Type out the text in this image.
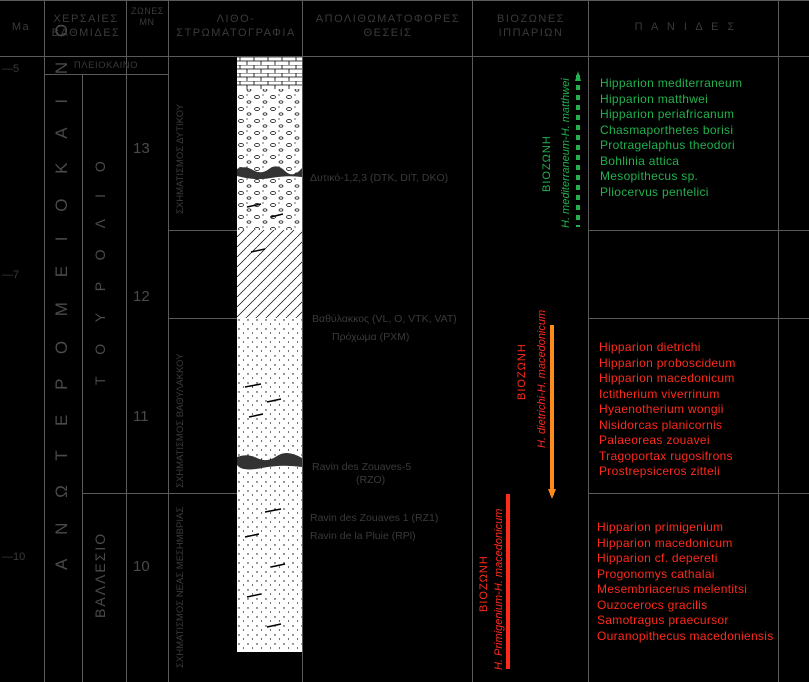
Ma
ΧΕΡΣΑΙΕΣ ΒΑΘΜΙΔΕΣ
ΖΩΝΕΣ ΜΝ	ΛΙΘΟ-ΣΤΡΩΜΑΤΟΓΡΑΦΙΑ
ΑΠΟΛΙΘΩΜΑΤΟΦΟΡΕΣ ΘΕΣΕΙΣ
ΒΙΟΖΩΝΕΣ ΙΠΠΑΡΙΩΝ	Π Α Ν Ι Δ Ε Σ
—5
—7
—10
ΠΛΕΙΟΚΑΙΝΟ
Α Ν Ω Τ Ε Ρ Ο Μ Ε Ι Ο Κ Α Ι Ν Ο Τ Ο Υ Ρ Ο Λ Ι Ο
ΒΑΛΛΕΣΙΟ
13
12
11
10
ΣΧΗΜΑΤΙΣΜΟΣ ΔΥΤΙΚΟΥ
ΣΧΗΜΑΤΙΣΜΟΣ ΒΑΘΥΛΑΚΚΟΥ
ΣΧΗΜΑΤΙΣΜΟΣ ΝΕΑΣ ΜΕΣΗΜΒΡΙΑΣ
Δυτικό-1,2,3 (DTK, DIT, DKO)
Βαθύλακκος (VL, O, VTK, VAT)
Πρόχωμα (PXM)
Ravin des Zouaves-5
(RZO)
Ravin des Zouaves 1 (RZ1)
Ravin de la Pluie (RPl)
ΒΙΟΖΩΝΗ H. mediterraneum-H. matthwei
ΒΙΟΖΩΝΗ H. dietrichi-H. macedonicum
ΒΙΟΖΩΝΗ H. Primigenium-H. macedonicum
Hipparion mediterraneum
Hipparion matthwei
Hipparion periafricanum
Chasmaporthetes borisi
Protragelaphus theodori
Bohlinia attica
Mesopithecus sp.
Pliocervus pentelici
Hipparion dietrichi
Hipparion proboscideum
Hipparion macedonicum
Ictitherium viverrinum
Hyaenotherium wongii
Nisidorcas planicornis
Palaeoreas zouavei
Tragoportax rugosifrons
Prostrepsiceros zitteli
Hipparion primigenium
Hipparion macedonicum
Hipparion cf. depereti
Progonomys cathalai
Mesembriacerus melentitsi
Ouzocerocs gracilis
Samotragus praecursor
Ouranopithecus macedoniensis
